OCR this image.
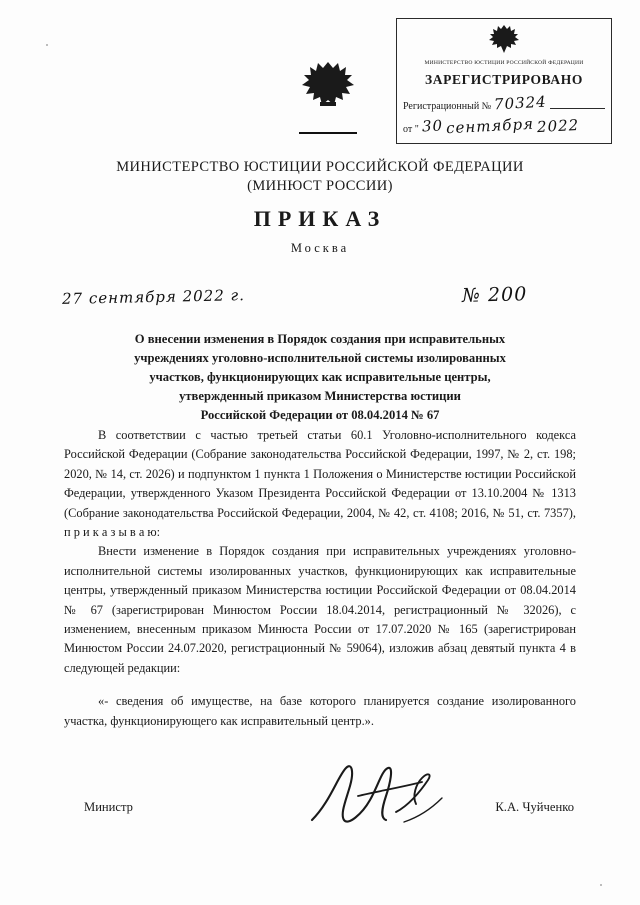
МИНИСТЕРСТВО ЮСТИЦИИ РОССИЙСКОЙ ФЕДЕРАЦИИ
ЗАРЕГИСТРИРОВАНО
Регистрационный № 70324
от " 30 сентября 2022
МИНИСТЕРСТВО ЮСТИЦИИ РОССИЙСКОЙ ФЕДЕРАЦИИ
(МИНЮСТ РОССИИ)
ПРИКАЗ
Москва
27 сентября 2022 г.	№ 200
О внесении изменения в Порядок создания при исправительных
учреждениях уголовно-исполнительной системы изолированных
участков, функционирующих как исправительные центры,
утвержденный приказом Министерства юстиции
Российской Федерации от 08.04.2014 № 67

В соответствии с частью третьей статьи 60.1 Уголовно-исполнительного кодекса Российской Федерации (Собрание законодательства Российской Федерации, 1997, № 2, ст. 198; 2020, № 14, ст. 2026) и подпунктом 1 пункта 1 Положения о Министерстве юстиции Российской Федерации, утвержденного Указом Президента Российской Федерации от 13.10.2004 № 1313 (Собрание законодательства Российской Федерации, 2004, № 42, ст. 4108; 2016, № 51, ст. 7357), п р и к а з ы в а ю:

Внести изменение в Порядок создания при исправительных учреждениях уголовно-исполнительной системы изолированных участков, функционирующих как исправительные центры, утвержденный приказом Министерства юстиции Российской Федерации от 08.04.2014 № 67 (зарегистрирован Минюстом России 18.04.2014, регистрационный № 32026), с изменением, внесенным приказом Минюста России от 17.07.2020 № 165 (зарегистрирован Минюстом России 24.07.2020, регистрационный № 59064), изложив абзац девятый пункта 4 в следующей редакции:

«- сведения об имуществе, на базе которого планируется создание изолированного участка, функционирующего как исправительный центр.».

Министр	К.А. Чуйченко
